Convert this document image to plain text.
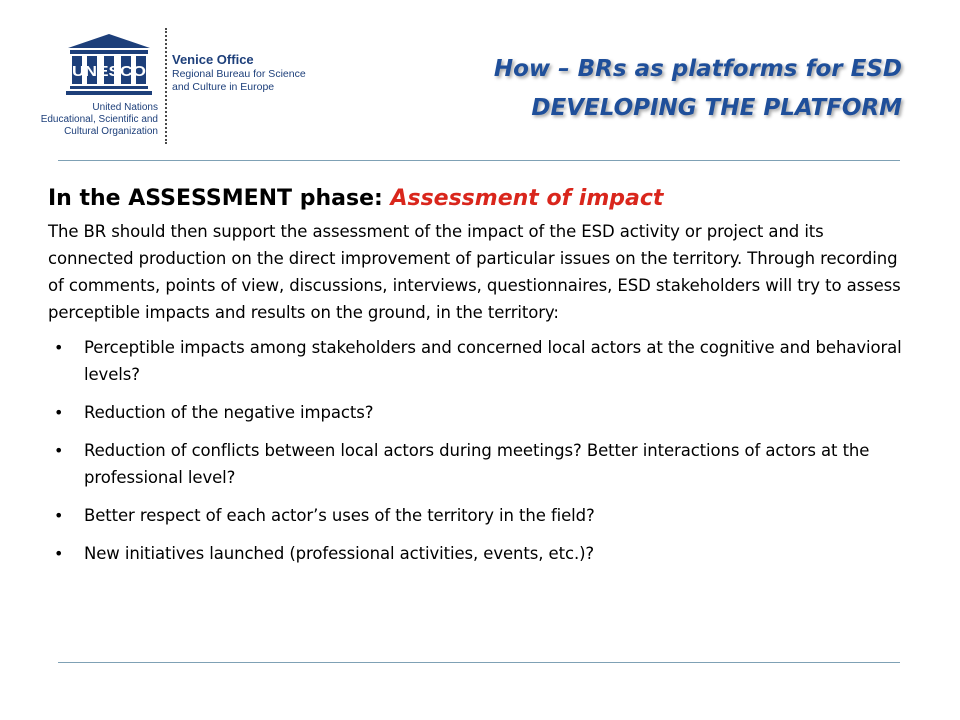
UNESCO
United Nations
Educational, Scientific and
Cultural Organization
Venice Office
Regional Bureau for Science
and Culture in Europe
How – BRs as platforms for ESD
DEVELOPING THE PLATFORM
In the ASSESSMENT phase: Assessment of impact
The BR should then support the assessment of the impact of the ESD activity or project and its connected production on the direct improvement of particular issues on the territory. Through recording of comments, points of view, discussions, interviews, questionnaires, ESD stakeholders will try to assess perceptible impacts and results on the ground, in the territory:
• Perceptible impacts among stakeholders and concerned local actors at the cognitive and behavioral levels?
• Reduction of the negative impacts?
• Reduction of conflicts between local actors during meetings? Better interactions of actors at the professional level?
• Better respect of each actor’s uses of the territory in the field?
• New initiatives launched (professional activities, events, etc.)?
